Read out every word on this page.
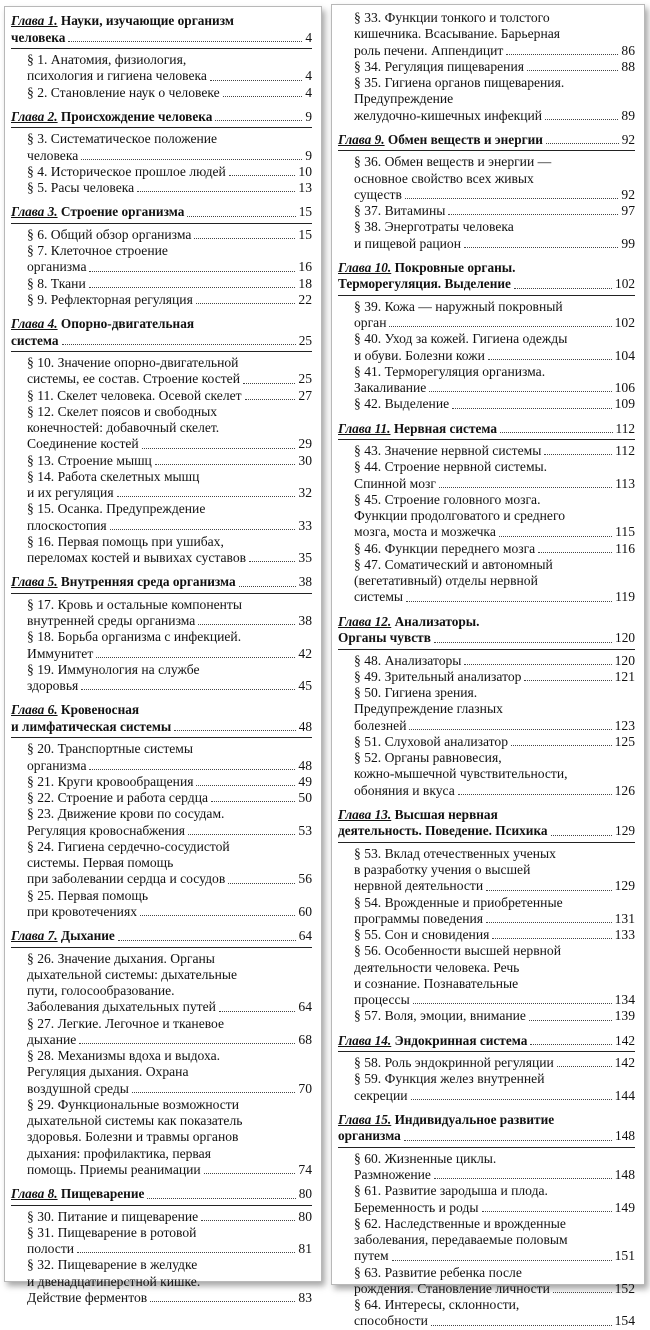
Глава 1. Науки, изучающие организм
человека	4
§ 1. Анатомия, физиология,
психология и гигиена человека	4
§ 2. Становление наук о человеке	4
Глава 2. Происхождение человека	9
§ 3. Систематическое положение
человека	9
§ 4. Историческое прошлое людей	10
§ 5. Расы человека	13
Глава 3. Строение организма	15
§ 6. Общий обзор организма	15
§ 7. Клеточное строение
организма	16
§ 8. Ткани	18
§ 9. Рефлекторная регуляция	22
Глава 4. Опорно-двигательная
система	25
§ 10. Значение опорно-двигательной
системы, ее состав. Строение костей	25
§ 11. Скелет человека. Осевой скелет	27
§ 12. Скелет поясов и свободных
конечностей: добавочный скелет.
Соединение костей	29
§ 13. Строение мышц	30
§ 14. Работа скелетных мышц
и их регуляция	32
§ 15. Осанка. Предупреждение
плоскостопия	33
§ 16. Первая помощь при ушибах,
переломах костей и вывихах суставов	35
Глава 5. Внутренняя среда организма	38
§ 17. Кровь и остальные компоненты
внутренней среды организма	38
§ 18. Борьба организма с инфекцией.
Иммунитет	42
§ 19. Иммунология на службе
здоровья	45
Глава 6. Кровеносная
и лимфатическая системы	48
§ 20. Транспортные системы
организма	48
§ 21. Круги кровообращения	49
§ 22. Строение и работа сердца	50
§ 23. Движение крови по сосудам.
Регуляция кровоснабжения	53
§ 24. Гигиена сердечно-сосудистой
системы. Первая помощь
при заболевании сердца и сосудов	56
§ 25. Первая помощь
при кровотечениях	60
Глава 7. Дыхание	64
§ 26. Значение дыхания. Органы
дыхательной системы: дыхательные
пути, голосообразование.
Заболевания дыхательных путей	64
§ 27. Легкие. Легочное и тканевое
дыхание	68
§ 28. Механизмы вдоха и выдоха.
Регуляция дыхания. Охрана
воздушной среды	70
§ 29. Функциональные возможности
дыхательной системы как показатель
здоровья. Болезни и травмы органов
дыхания: профилактика, первая
помощь. Приемы реанимации	74
Глава 8. Пищеварение	80
§ 30. Питание и пищеварение	80
§ 31. Пищеварение в ротовой
полости	81
§ 32. Пищеварение в желудке
и двенадцатиперстной кишке.
Действие ферментов	83
§ 33. Функции тонкого и толстого
кишечника. Всасывание. Барьерная
роль печени. Аппендицит	86
§ 34. Регуляция пищеварения	88
§ 35. Гигиена органов пищеварения.
Предупреждение
желудочно-кишечных инфекций	89
Глава 9. Обмен веществ и энергии	92
§ 36. Обмен веществ и энергии —
основное свойство всех живых
существ	92
§ 37. Витамины	97
§ 38. Энерготраты человека
и пищевой рацион	99
Глава 10. Покровные органы.
Терморегуляция. Выделение	102
§ 39. Кожа — наружный покровный
орган	102
§ 40. Уход за кожей. Гигиена одежды
и обуви. Болезни кожи	104
§ 41. Терморегуляция организма.
Закаливание	106
§ 42. Выделение	109
Глава 11. Нервная система	112
§ 43. Значение нервной системы	112
§ 44. Строение нервной системы.
Спинной мозг	113
§ 45. Строение головного мозга.
Функции продолговатого и среднего
мозга, моста и мозжечка	115
§ 46. Функции переднего мозга	116
§ 47. Соматический и автономный
(вегетативный) отделы нервной
системы	119
Глава 12. Анализаторы.
Органы чувств	120
§ 48. Анализаторы	120
§ 49. Зрительный анализатор	121
§ 50. Гигиена зрения.
Предупреждение глазных
болезней	123
§ 51. Слуховой анализатор	125
§ 52. Органы равновесия,
кожно-мышечной чувствительности,
обоняния и вкуса	126
Глава 13. Высшая нервная
деятельность. Поведение. Психика	129
§ 53. Вклад отечественных ученых
в разработку учения о высшей
нервной деятельности	129
§ 54. Врожденные и приобретенные
программы поведения	131
§ 55. Сон и сновидения	133
§ 56. Особенности высшей нервной
деятельности человека. Речь
и сознание. Познавательные
процессы	134
§ 57. Воля, эмоции, внимание	139
Глава 14. Эндокринная система	142
§ 58. Роль эндокринной регуляции	142
§ 59. Функция желез внутренней
секреции	144
Глава 15. Индивидуальное развитие
организма	148
§ 60. Жизненные циклы.
Размножение	148
§ 61. Развитие зародыша и плода.
Беременность и роды	149
§ 62. Наследственные и врожденные
заболевания, передаваемые половым
путем	151
§ 63. Развитие ребенка после
рождения. Становление личности	152
§ 64. Интересы, склонности,
способности	154
